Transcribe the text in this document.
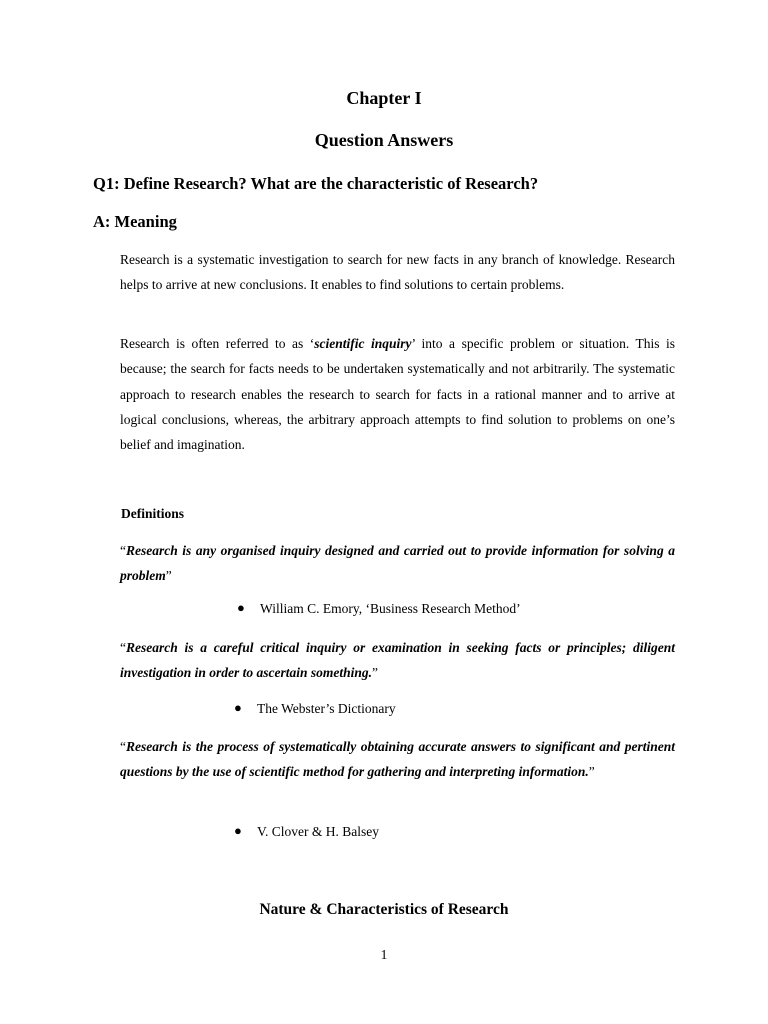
Chapter I
Question Answers
Q1: Define Research? What are the characteristic of Research?
A: Meaning
Research is a systematic investigation to search for new facts in any branch of knowledge. Research helps to arrive at new conclusions. It enables to find solutions to certain problems.
Research is often referred to as ‘scientific inquiry’ into a specific problem or situation. This is because; the search for facts needs to be undertaken systematically and not arbitrarily. The systematic approach to research enables the research to search for facts in a rational manner and to arrive at logical conclusions, whereas, the arbitrary approach attempts to find solution to problems on one’s belief and imagination.
Definitions
“Research is any organised inquiry designed and carried out to provide information for solving a problem”
● William C. Emory, ‘Business Research Method’
“Research is a careful critical inquiry or examination in seeking facts or principles; diligent investigation in order to ascertain something.”
● The Webster’s Dictionary
“Research is the process of systematically obtaining accurate answers to significant and pertinent questions by the use of scientific method for gathering and interpreting information.”
● V. Clover & H. Balsey
Nature & Characteristics of Research
1
